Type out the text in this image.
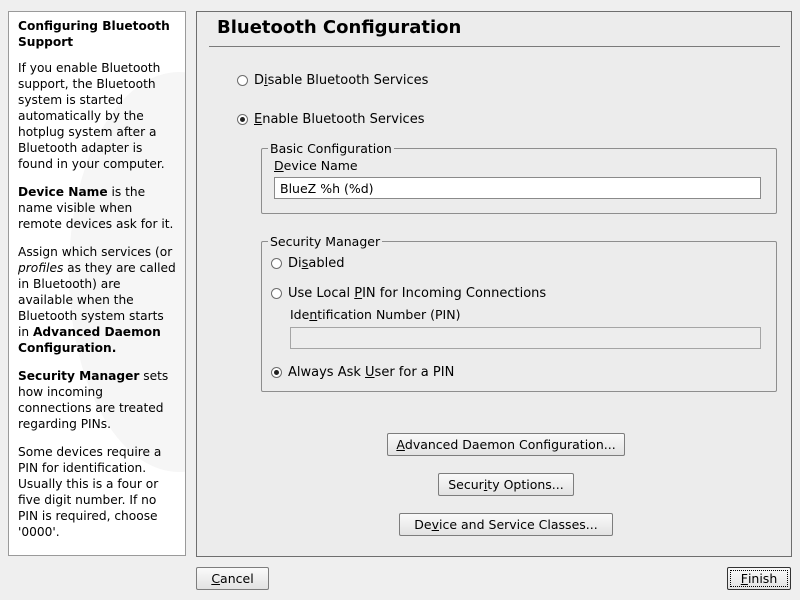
Configuring Bluetooth Support

If you enable Bluetooth support, the Bluetooth system is started automatically by the hotplug system after a Bluetooth adapter is found in your computer.

Device Name is the name visible when remote devices ask for it.

Assign which services (or profiles as they are called in Bluetooth) are available when the Bluetooth system starts in Advanced Daemon Configuration.

Security Manager sets how incoming connections are treated regarding PINs.

Some devices require a PIN for identification. Usually this is a four or five digit number. If no PIN is required, choose '0000'.

Bluetooth Configuration
Disable Bluetooth Services
Enable Bluetooth Services
Basic Configuration
Device Name
BlueZ %h (%d)
Security Manager
Disabled
Use Local PIN for Incoming Connections
Identification Number (PIN)
Always Ask User for a PIN
A dvanced Daemon Configuration...
Secur i ty Options...
De v ice and Service Classes...
C ancel	F inish
